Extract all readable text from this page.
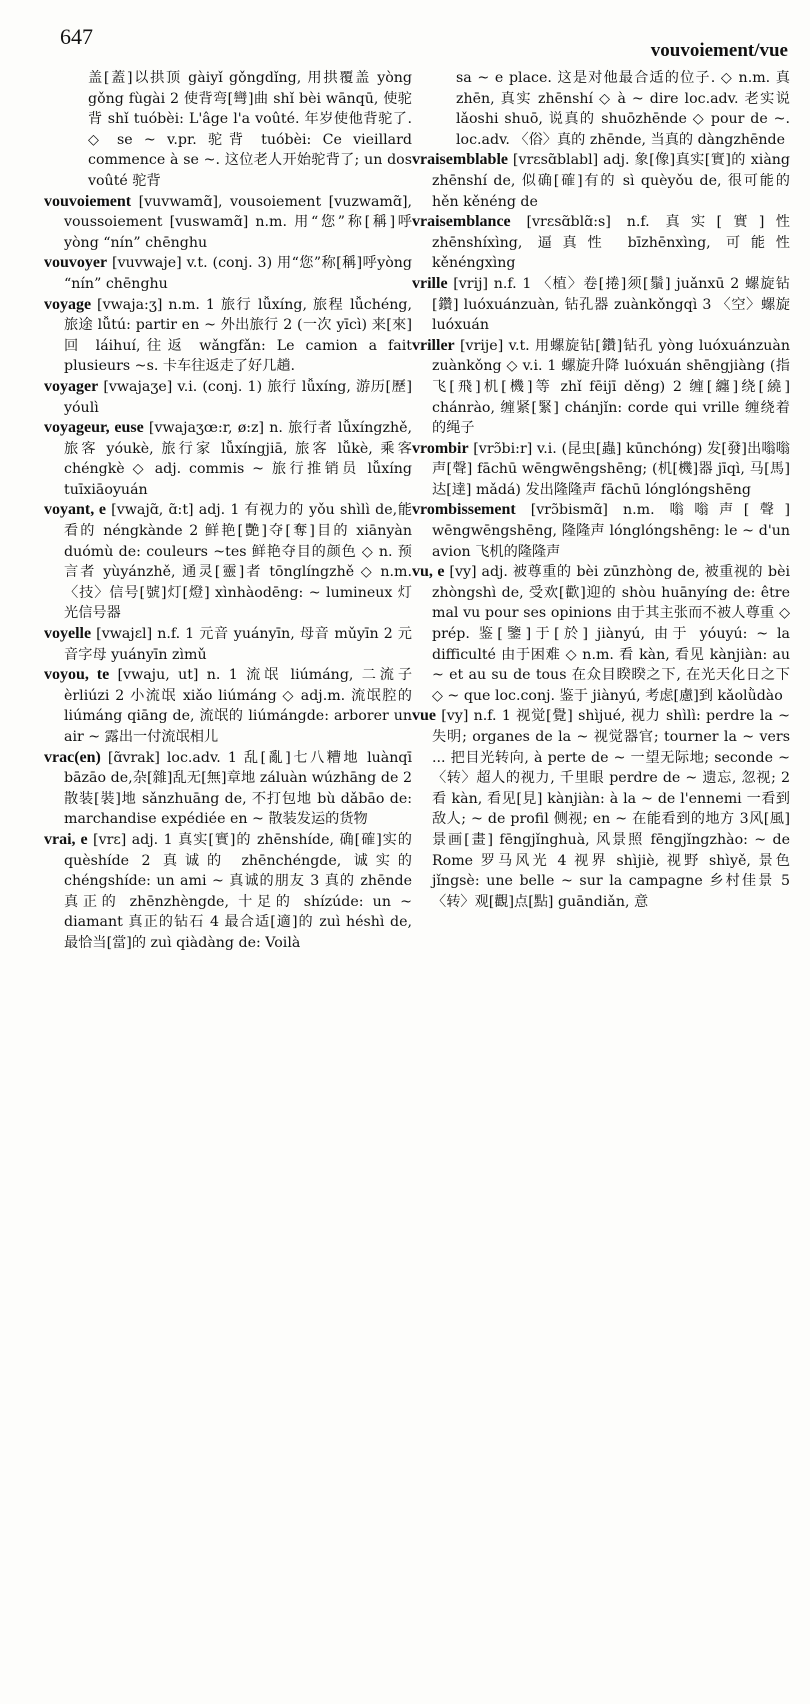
647
vouvoiement/vue

盖[蓋]以拱顶 gàiyǐ gǒngdǐng, 用拱覆盖 yòng gǒng fùgài 2 使背弯[彎]曲 shǐ bèi wānqū, 使驼背 shǐ tuóbèi: L'âge l'a voûté. 年岁使他背驼了. ◇ se ~ v.pr. 驼背 tuóbèi: Ce vieillard commence à se ~. 这位老人开始驼背了; un dos voûté 驼背

vouvoiement [vuvwamɑ̃], vousoiement [vuzwamɑ̃], voussoiement [vuswamɑ̃] n.m. 用“您”称[稱]呼 yòng “nín” chēnghu

vouvoyer [vuvwaje] v.t. (conj. 3) 用“您”称[稱]呼yòng “nín” chēnghu

voyage [vwaja:ʒ] n.m. 1 旅行 lǚxíng, 旅程 lǚchéng, 旅途 lǚtú: partir en ~ 外出旅行 2 (一次 yīcì) 来[來]回 láihuí,往返 wǎngfǎn: Le camion a fait plusieurs ~s. 卡车往返走了好几趟.

voyager [vwajaʒe] v.i. (conj. 1) 旅行 lǚxíng, 游历[歷] yóulì

voyageur, euse [vwajaʒœ:r, ø:z] n. 旅行者 lǚxíngzhě, 旅客 yóukè, 旅行家 lǚxíngjiā, 旅客 lǚkè, 乘客 chéngkè ◇ adj. commis ~ 旅行推销员 lǚxíng tuīxiāoyuán

voyant, e [vwajɑ̃, ɑ̃:t] adj. 1 有视力的 yǒu shìlì de,能看的 néngkànde 2 鲜艳[艷]夺[奪]目的 xiānyàn duómù de: couleurs ~tes 鲜艳夺目的颜色 ◇ n. 预言者 yùyánzhě, 通灵[靈]者 tōnglíngzhě ◇ n.m. 〈技〉信号[號]灯[燈] xìnhàodēng: ~ lumineux 灯光信号器

voyelle [vwajɛl] n.f. 1 元音 yuányīn, 母音 mǔyīn 2 元音字母 yuányīn zìmǔ

voyou, te [vwaju, ut] n. 1 流氓 liúmáng, 二流子 èrliúzi 2 小流氓 xiǎo liúmáng ◇ adj.m. 流氓腔的 liúmáng qiāng de, 流氓的 liúmángde: arborer un air ~ 露出一付流氓相儿

vrac(en) [ɑ̃vrak] loc.adv. 1 乱[亂]七八糟地 luànqī bāzāo de,杂[雜]乱无[無]章地 záluàn wúzhāng de 2 散装[裝]地 sǎnzhuāng de, 不打包地 bù dǎbāo de: marchandise expédiée en ~ 散装发运的货物

vrai, e [vrɛ] adj. 1 真实[實]的 zhēnshíde, 确[確]实的 quèshíde 2 真诚的 zhēnchéngde, 诚实的 chéngshíde: un ami ~ 真诚的朋友 3 真的 zhēnde 真正的 zhēnzhèngde, 十足的 shízúde: un ~ diamant 真正的钻石 4 最合适[適]的 zuì héshì de, 最恰当[當]的 zuì qiàdàng de: Voilà

sa ~ e place. 这是对他最合适的位子. ◇ n.m. 真 zhēn, 真实 zhēnshí ◇ à ~ dire loc.adv. 老实说 lǎoshi shuō, 说真的 shuōzhēnde ◇ pour de ~. loc.adv. 〈俗〉真的 zhēnde, 当真的 dàngzhēnde

vraisemblable [vrɛsɑ̃blabl] adj. 象[像]真实[實]的 xiàng zhēnshí de, 似确[確]有的 sì quèyǒu de, 很可能的 hěn kěnéng de

vraisemblance [vrɛsɑ̃blɑ̃:s] n.f. 真实[實]性 zhēnshíxìng, 逼真性 bīzhēnxìng, 可能性 kěnéngxìng

vrille [vrij] n.f. 1 〈植〉卷[捲]须[鬚] juǎnxū 2 螺旋钻[鑽] luóxuánzuàn, 钻孔器 zuànkǒngqì 3 〈空〉螺旋 luóxuán

vriller [vrije] v.t. 用螺旋钻[鑽]钻孔 yòng luóxuánzuàn zuànkǒng ◇ v.i. 1 螺旋升降 luóxuán shēngjiàng (指飞[飛]机[機]等 zhǐ fēijī děng) 2 缠[纏]绕[繞] chánrào, 缠紧[緊] chánjǐn: corde qui vrille 缠绕着的绳子

vrombir [vrɔ̃bi:r] v.i. (昆虫[蟲] kūnchóng) 发[發]出嗡嗡声[聲] fāchū wēngwēngshēng; (机[機]器 jīqì, 马[馬]达[達] mǎdá) 发出隆隆声 fāchū lónglóngshēng

vrombissement [vrɔ̃bismɑ̃] n.m. 嗡嗡声[聲] wēngwēngshēng, 隆隆声 lónglóngshēng: le ~ d'un avion 飞机的隆隆声

vu, e [vy] adj. 被尊重的 bèi zūnzhòng de, 被重视的 bèi zhòngshì de, 受欢[歡]迎的 shòu huānyíng de: être mal vu pour ses opinions 由于其主张而不被人尊重 ◇ prép. 鉴[鑒]于[於] jiànyú, 由于 yóuyú: ~ la difficulté 由于困难 ◇ n.m. 看 kàn, 看见 kànjiàn: au ~ et au su de tous 在众目睽睽之下, 在光天化日之下 ◇ ~ que loc.conj. 鉴于 jiànyú, 考虑[慮]到 kǎolǜdào

vue [vy] n.f. 1 视觉[覺] shìjué, 视力 shìlì: perdre la ~ 失明; organes de la ~ 视觉器官; tourner la ~ vers ... 把目光转向, à perte de ~ 一望无际地; seconde ~ 〈转〉超人的视力, 千里眼 perdre de ~ 遗忘, 忽视; 2 看 kàn, 看见[見] kànjiàn: à la ~ de l'ennemi 一看到敌人; ~ de profil 侧视; en ~ 在能看到的地方 3风[風]景画[畫] fēngjǐnghuà, 风景照 fēngjǐngzhào: ~ de Rome 罗马风光 4 视界 shìjiè, 视野 shìyě, 景色 jǐngsè: une belle ~ sur la campagne 乡村佳景 5 〈转〉观[觀]点[點] guāndiǎn, 意
